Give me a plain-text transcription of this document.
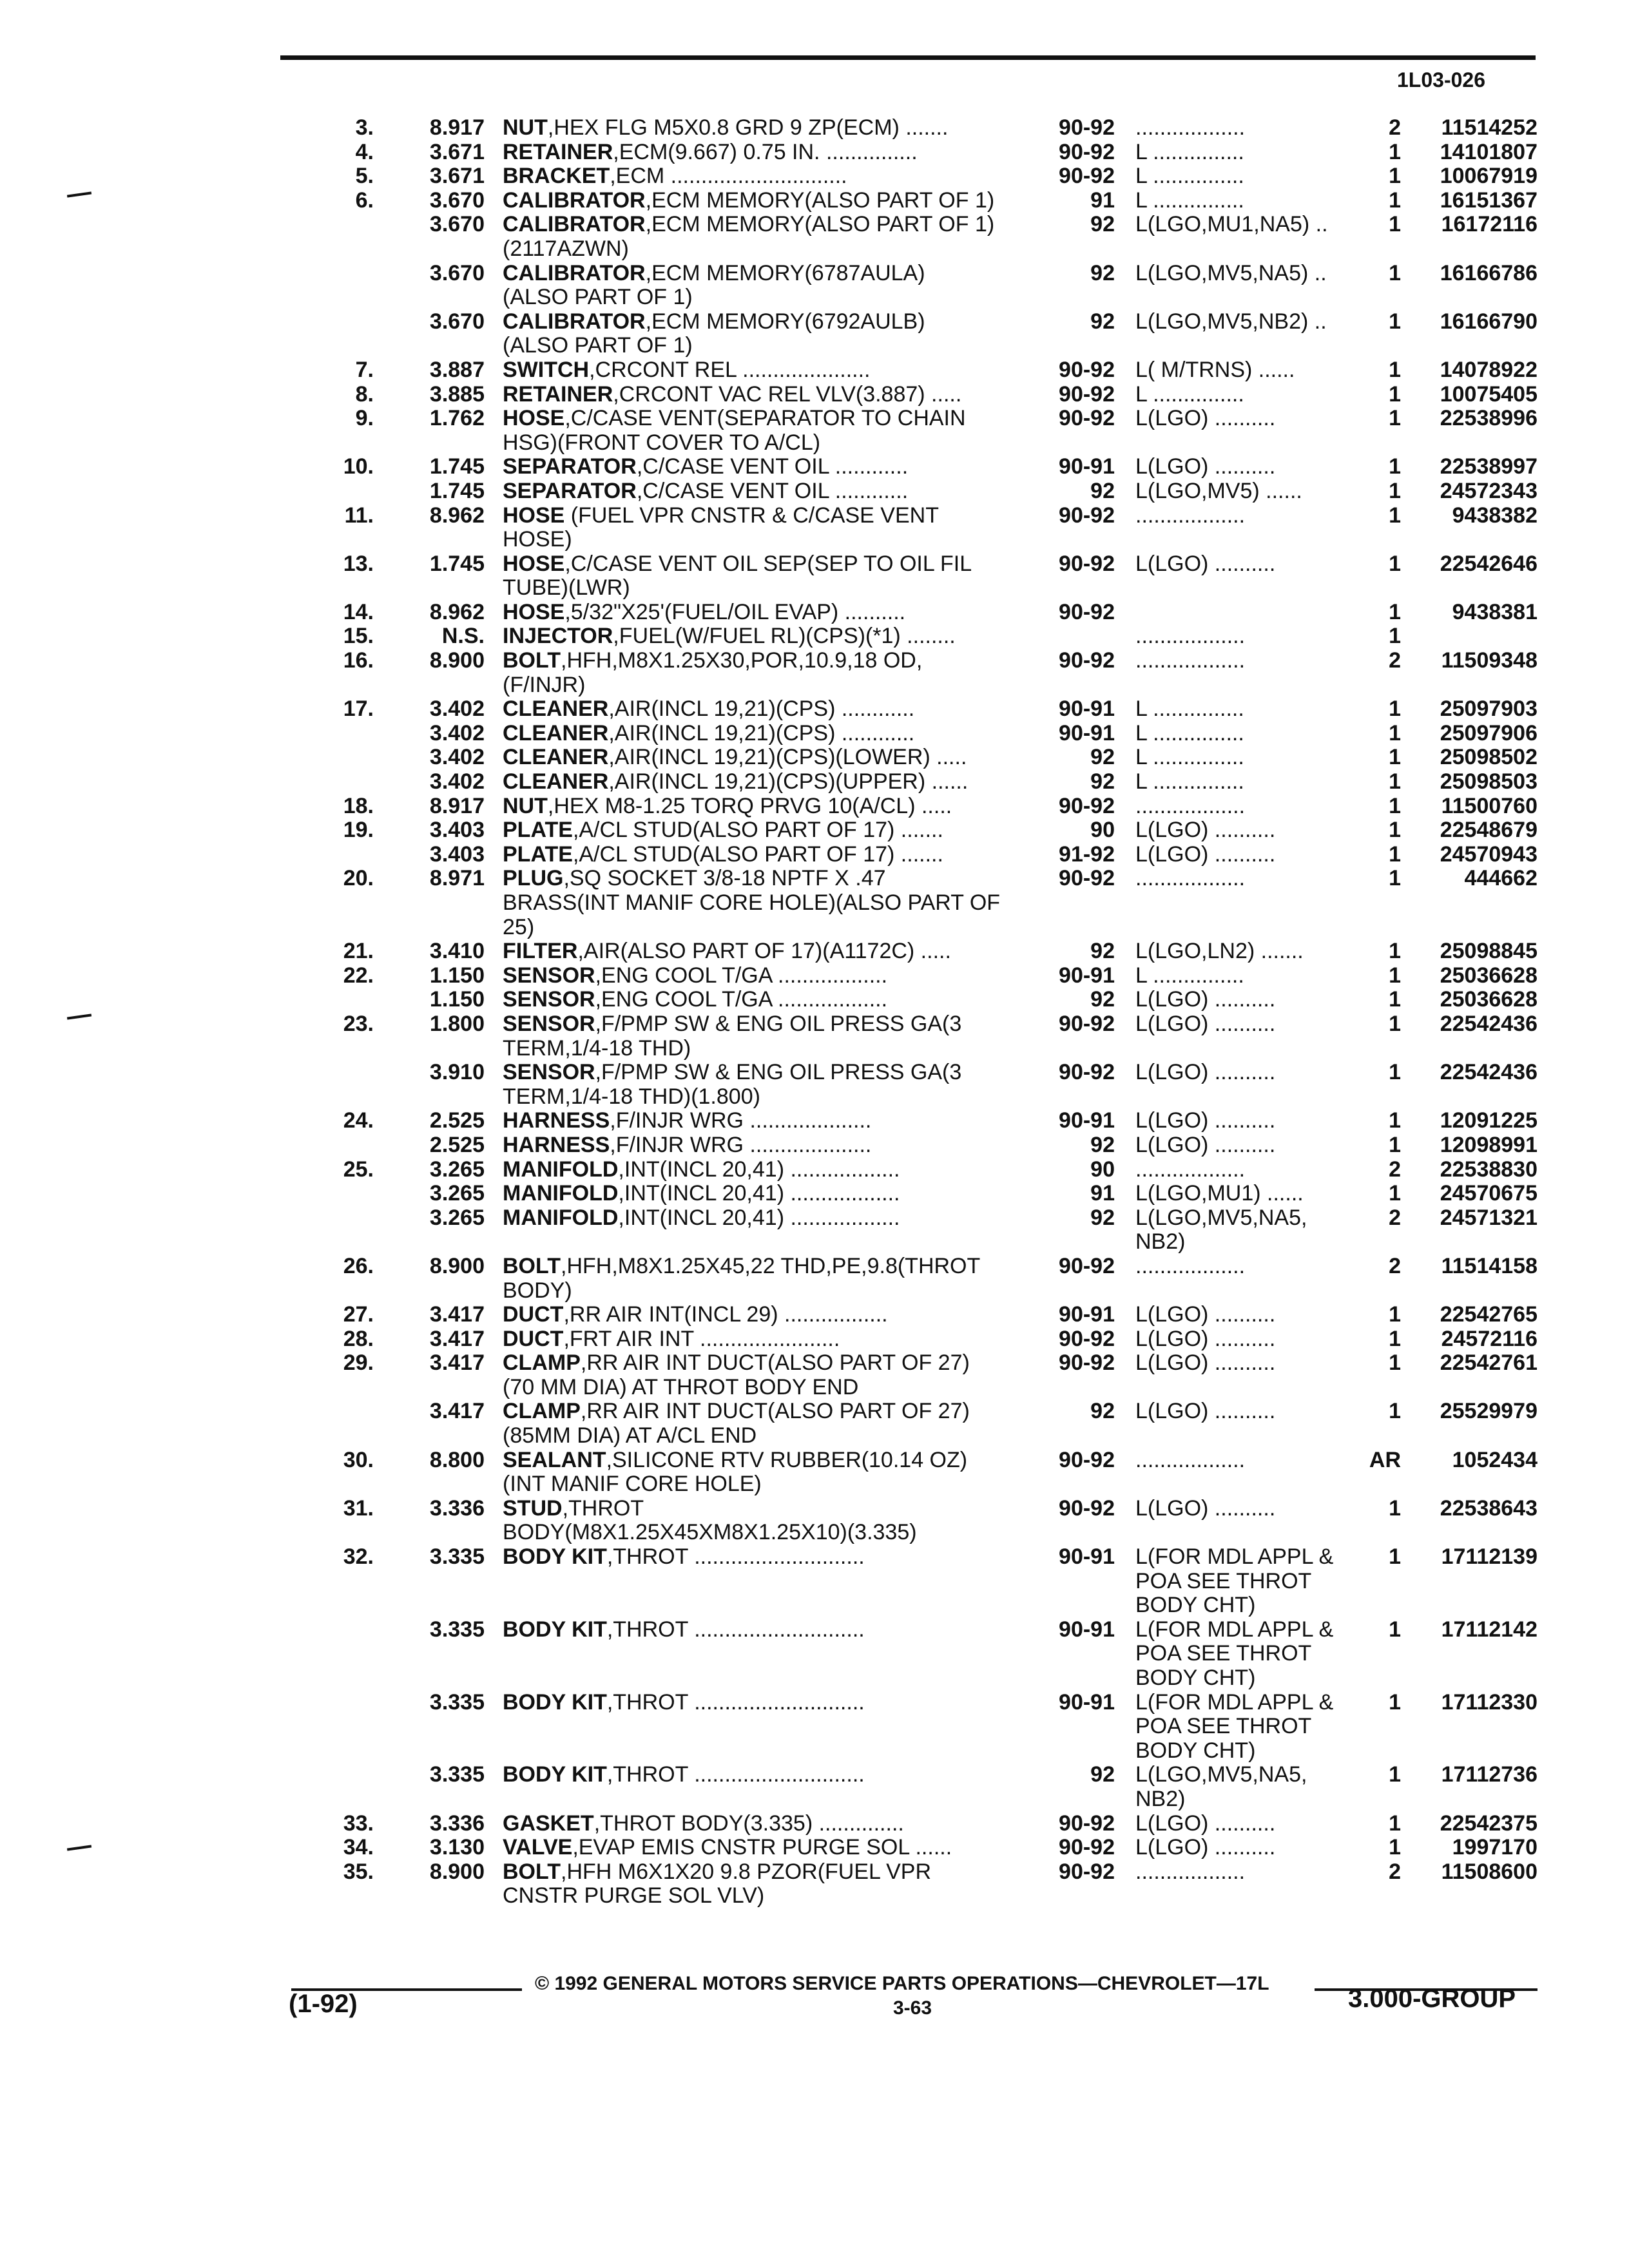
1L03-026
3.	8.917 NUT,HEX FLG M5X0.8 GRD 9 ZP(ECM) .......	90-92 ..................	2	11514252
4.	3.671 RETAINER,ECM(9.667) 0.75 IN. ...............	90-92 L ...............	1	14101807
5.	3.671 BRACKET,ECM .............................	90-92 L ...............	1	10067919
6.	3.670 CALIBRATOR,ECM MEMORY(ALSO PART OF 1)	91 L ...............	1	16151367
3.670 CALIBRATOR,ECM MEMORY(ALSO PART OF 1)	92 L(LGO,MU1,NA5) ..	1	16172116
(2117AZWN)
3.670 CALIBRATOR,ECM MEMORY(6787AULA)	92 L(LGO,MV5,NA5) ..	1	16166786
(ALSO PART OF 1)
3.670 CALIBRATOR,ECM MEMORY(6792AULB)	92 L(LGO,MV5,NB2) ..	1	16166790
(ALSO PART OF 1)
7.	3.887 SWITCH,CRCONT REL .....................	90-92 L( M/TRNS) ......	1	14078922
8.	3.885 RETAINER,CRCONT VAC REL VLV(3.887) .....	90-92 L ...............	1	10075405
9.	1.762 HOSE,C/CASE VENT(SEPARATOR TO CHAIN	90-92 L(LGO) ..........	1	22538996
HSG)(FRONT COVER TO A/CL)
10.	1.745 SEPARATOR,C/CASE VENT OIL ............	90-91 L(LGO) ..........	1	22538997
1.745 SEPARATOR,C/CASE VENT OIL ............	92 L(LGO,MV5) ......	1	24572343
11.	8.962 HOSE (FUEL VPR CNSTR & C/CASE VENT	90-92 ..................	1	9438382
HOSE)
13.	1.745 HOSE,C/CASE VENT OIL SEP(SEP TO OIL FIL	90-92 L(LGO) ..........	1	22542646
TUBE)(LWR)
14.	8.962 HOSE,5/32"X25'(FUEL/OIL EVAP) ..........	90-92	1	9438381
15.	N.S. INJECTOR,FUEL(W/FUEL RL)(CPS)(*1) ........	..................	1
16.	8.900 BOLT,HFH,M8X1.25X30,POR,10.9,18 OD,	90-92 ..................	2	11509348
(F/INJR)
17.	3.402 CLEANER,AIR(INCL 19,21)(CPS) ............	90-91 L ...............	1	25097903
3.402 CLEANER,AIR(INCL 19,21)(CPS) ............	90-91 L ...............	1	25097906
3.402 CLEANER,AIR(INCL 19,21)(CPS)(LOWER) .....	92 L ...............	1	25098502
3.402 CLEANER,AIR(INCL 19,21)(CPS)(UPPER) ......	92 L ...............	1	25098503
18.	8.917 NUT,HEX M8-1.25 TORQ PRVG 10(A/CL) .....	90-92 ..................	1	11500760
19.	3.403 PLATE,A/CL STUD(ALSO PART OF 17) .......	90 L(LGO) ..........	1	22548679
3.403 PLATE,A/CL STUD(ALSO PART OF 17) .......	91-92 L(LGO) ..........	1	24570943
20.	8.971 PLUG,SQ SOCKET 3/8-18 NPTF X .47	90-92 ..................	1	444662
BRASS(INT MANIF CORE HOLE)(ALSO PART OF
25)
21.	3.410 FILTER,AIR(ALSO PART OF 17)(A1172C) .....	92 L(LGO,LN2) .......	1	25098845
22.	1.150 SENSOR,ENG COOL T/GA ..................	90-91 L ...............	1	25036628
1.150 SENSOR,ENG COOL T/GA ..................	92 L(LGO) ..........	1	25036628
23.	1.800 SENSOR,F/PMP SW & ENG OIL PRESS GA(3	90-92 L(LGO) ..........	1	22542436
TERM,1/4-18 THD)
3.910 SENSOR,F/PMP SW & ENG OIL PRESS GA(3	90-92 L(LGO) ..........	1	22542436
TERM,1/4-18 THD)(1.800)
24.	2.525 HARNESS,F/INJR WRG ....................	90-91 L(LGO) ..........	1	12091225
2.525 HARNESS,F/INJR WRG ....................	92 L(LGO) ..........	1	12098991
25.	3.265 MANIFOLD,INT(INCL 20,41) ..................	90 ..................	2	22538830
3.265 MANIFOLD,INT(INCL 20,41) ..................	91 L(LGO,MU1) ......	1	24570675
3.265 MANIFOLD,INT(INCL 20,41) ..................	92 L(LGO,MV5,NA5,	2	24571321
NB2)
26.	8.900 BOLT,HFH,M8X1.25X45,22 THD,PE,9.8(THROT	90-92 ..................	2	11514158
BODY)
27.	3.417 DUCT,RR AIR INT(INCL 29) .................	90-91 L(LGO) ..........	1	22542765
28.	3.417 DUCT,FRT AIR INT .......................	90-92 L(LGO) ..........	1	24572116
29.	3.417 CLAMP,RR AIR INT DUCT(ALSO PART OF 27)	90-92 L(LGO) ..........	1	22542761
(70 MM DIA) AT THROT BODY END
3.417 CLAMP,RR AIR INT DUCT(ALSO PART OF 27)	92 L(LGO) ..........	1	25529979
(85MM DIA) AT A/CL END
30.	8.800 SEALANT,SILICONE RTV RUBBER(10.14 OZ)	90-92 ..................	AR	1052434
(INT MANIF CORE HOLE)
31.	3.336 STUD,THROT	90-92 L(LGO) ..........	1	22538643
BODY(M8X1.25X45XM8X1.25X10)(3.335)
32.	3.335 BODY KIT,THROT ............................	90-91 L(FOR MDL APPL &	1	17112139
POA SEE THROT
BODY CHT)
3.335 BODY KIT,THROT ............................	90-91 L(FOR MDL APPL &	1	17112142
POA SEE THROT
BODY CHT)
3.335 BODY KIT,THROT ............................	90-91 L(FOR MDL APPL &	1	17112330
POA SEE THROT
BODY CHT)
3.335 BODY KIT,THROT ............................	92 L(LGO,MV5,NA5,	1	17112736
NB2)
33.	3.336 GASKET,THROT BODY(3.335) ..............	90-92 L(LGO) ..........	1	22542375
34.	3.130 VALVE,EVAP EMIS CNSTR PURGE SOL ......	90-92 L(LGO) ..........	1	1997170
35.	8.900 BOLT,HFH M6X1X20 9.8 PZOR(FUEL VPR	90-92 ..................	2	11508600
CNSTR PURGE SOL VLV)
© 1992 GENERAL MOTORS SERVICE PARTS OPERATIONS—CHEVROLET—17L
(1-92)	3-63	3.000-GROUP
